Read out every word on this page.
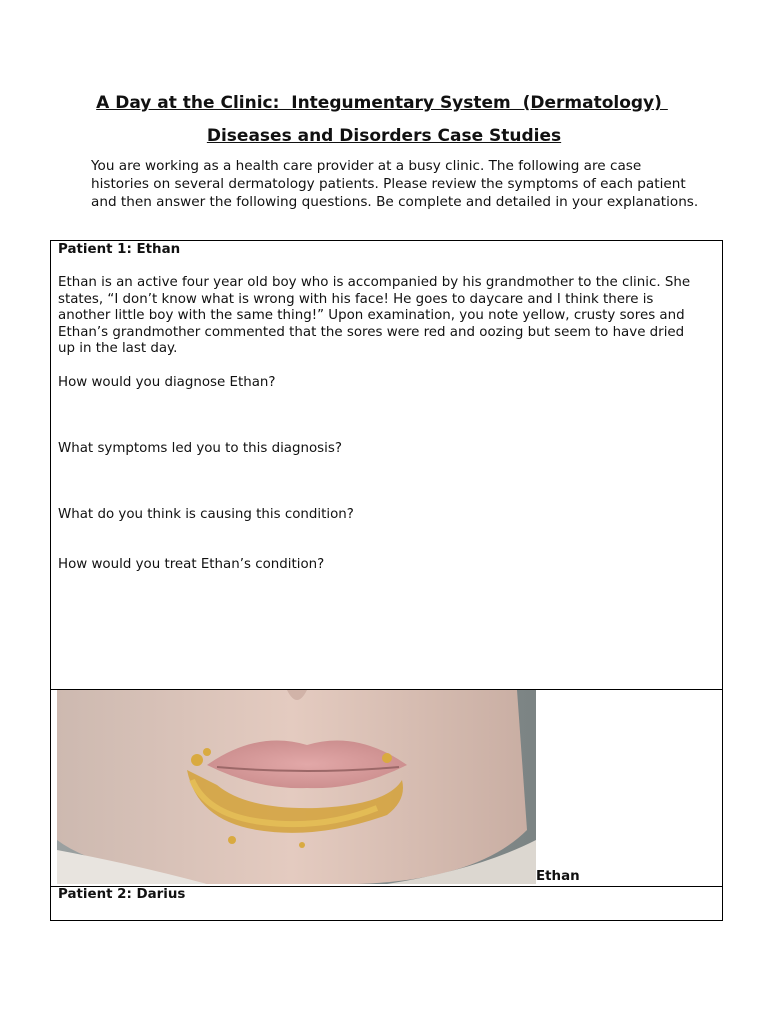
A Day at the Clinic:  Integumentary System  (Dermatology)
Diseases and Disorders Case Studies
You are working as a health care provider at a busy clinic. The following are case histories on several dermatology patients. Please review the symptoms of each patient and then answer the following questions. Be complete and detailed in your explanations.
Patient 1: Ethan
Ethan is an active four year old boy who is accompanied by his grandmother to the clinic. She
states, “I don’t know what is wrong with his face! He goes to daycare and I think there is
another little boy with the same thing!” Upon examination, you note yellow, crusty sores and
Ethan’s grandmother commented that the sores were red and oozing but seem to have dried
up in the last day.
How would you diagnose Ethan?
What symptoms led you to this diagnosis?
What do you think is causing this condition?
How would you treat Ethan’s condition?
Ethan
Patient 2: Darius
